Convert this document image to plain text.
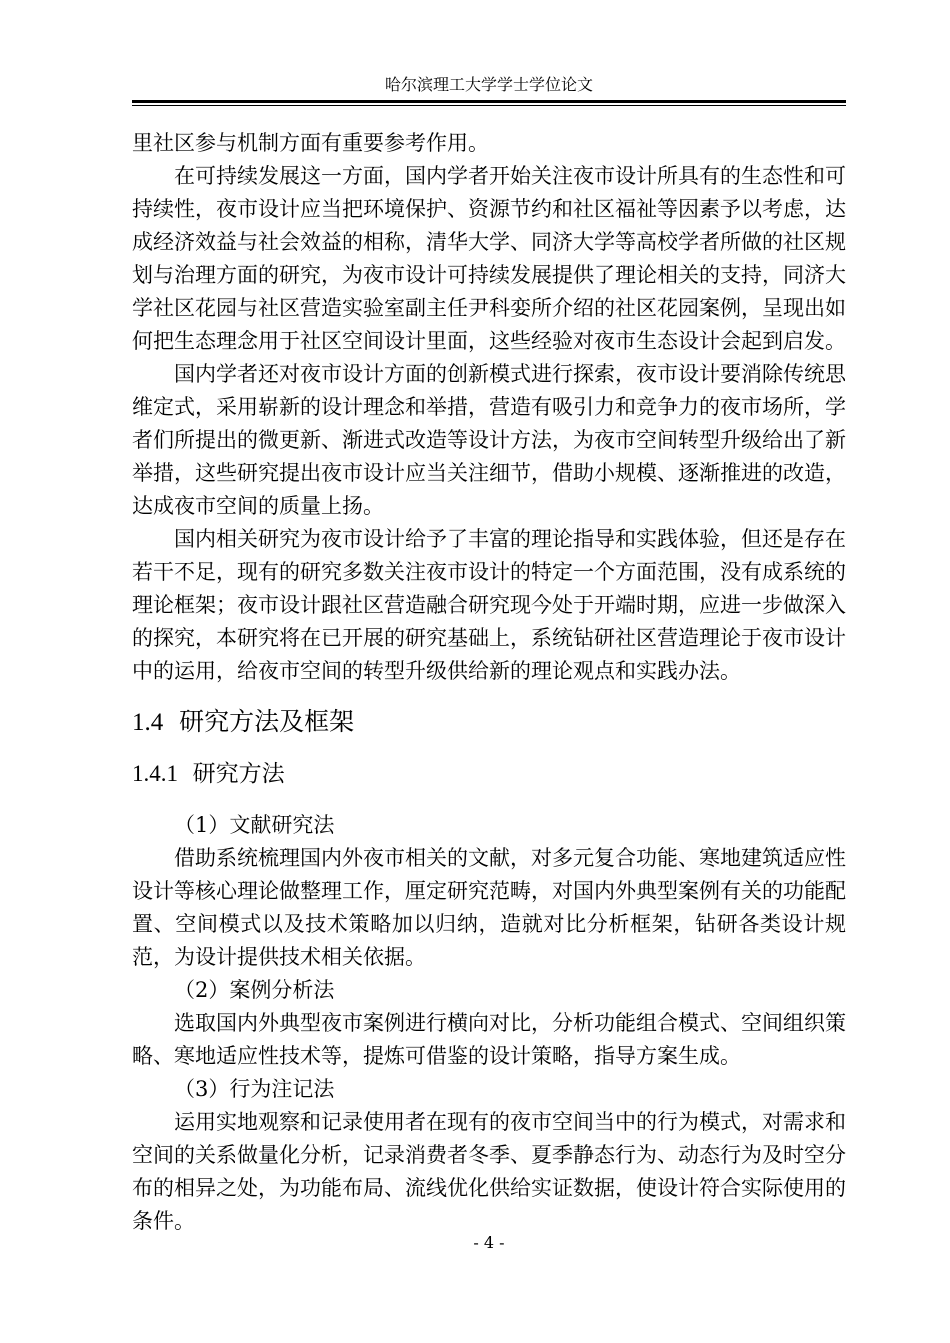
哈尔滨理工大学学士学位论文

里社区参与机制方面有重要参考作用。

在可持续发展这一方面，国内学者开始关注夜市设计所具有的生态性和可持续性，夜市设计应当把环境保护、资源节约和社区福祉等因素予以考虑，达成经济效益与社会效益的相称，清华大学、同济大学等高校学者所做的社区规划与治理方面的研究，为夜市设计可持续发展提供了理论相关的支持，同济大学社区花园与社区营造实验室副主任尹科娈所介绍的社区花园案例，呈现出如何把生态理念用于社区空间设计里面，这些经验对夜市生态设计会起到启发。

国内学者还对夜市设计方面的创新模式进行探索，夜市设计要消除传统思维定式，采用崭新的设计理念和举措，营造有吸引力和竞争力的夜市场所，学者们所提出的微更新、渐进式改造等设计方法，为夜市空间转型升级给出了新举措，这些研究提出夜市设计应当关注细节，借助小规模、逐渐推进的改造，达成夜市空间的质量上扬。

国内相关研究为夜市设计给予了丰富的理论指导和实践体验，但还是存在若干不足，现有的研究多数关注夜市设计的特定一个方面范围，没有成系统的理论框架；夜市设计跟社区营造融合研究现今处于开端时期，应进一步做深入的探究，本研究将在已开展的研究基础上，系统钻研社区营造理论于夜市设计中的运用，给夜市空间的转型升级供给新的理论观点和实践办法。

1.4 研究方法及框架
1.4.1 研究方法

（1）文献研究法

借助系统梳理国内外夜市相关的文献，对多元复合功能、寒地建筑适应性设计等核心理论做整理工作，厘定研究范畴，对国内外典型案例有关的功能配置、空间模式以及技术策略加以归纳，造就对比分析框架，钻研各类设计规范，为设计提供技术相关依据。

（2）案例分析法

选取国内外典型夜市案例进行横向对比，分析功能组合模式、空间组织策略、寒地适应性技术等，提炼可借鉴的设计策略，指导方案生成。

（3）行为注记法

运用实地观察和记录使用者在现有的夜市空间当中的行为模式，对需求和空间的关系做量化分析，记录消费者冬季、夏季静态行为、动态行为及时空分布的相异之处，为功能布局、流线优化供给实证数据，使设计符合实际使用的条件。

- 4 -
